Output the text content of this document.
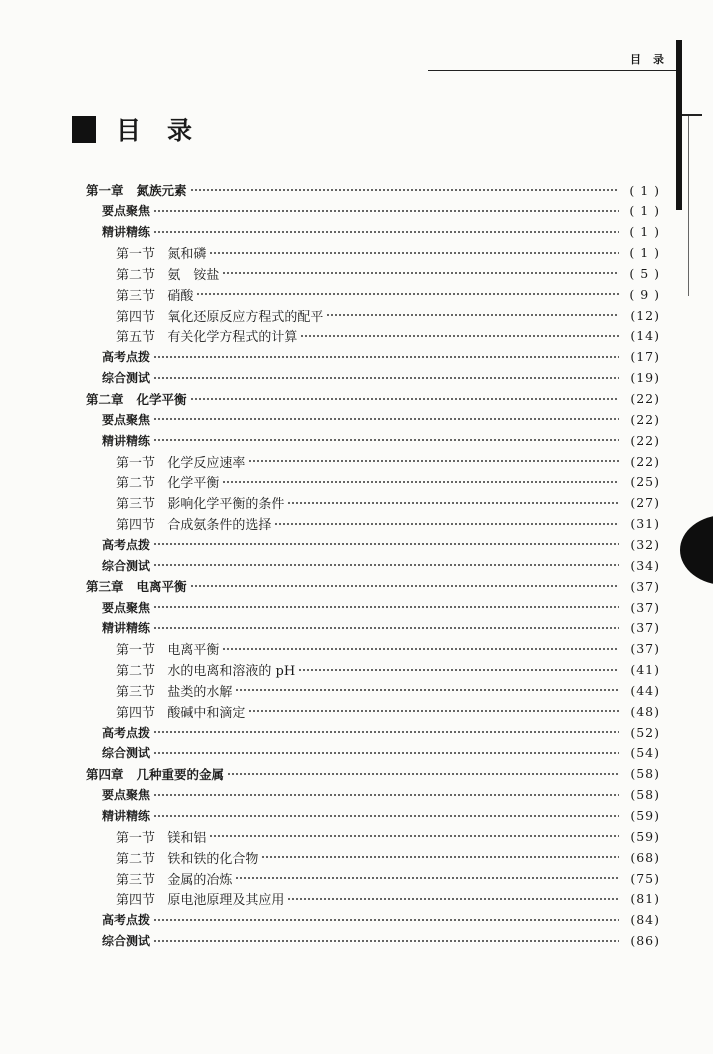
目录
目录
第一章   氮族元素	( 1 )
要点聚焦	( 1 )
精讲精练	( 1 )
第一节   氮和磷	( 1 )
第二节   氨　铵盐	( 5 )
第三节   硝酸	( 9 )
第四节   氧化还原反应方程式的配平	(12)
第五节   有关化学方程式的计算	(14)
高考点拨	(17)
综合测试	(19)
第二章   化学平衡	(22)
要点聚焦	(22)
精讲精练	(22)
第一节   化学反应速率	(22)
第二节   化学平衡	(25)
第三节   影响化学平衡的条件	(27)
第四节   合成氨条件的选择	(31)
高考点拨	(32)
综合测试	(34)
第三章   电离平衡	(37)
要点聚焦	(37)
精讲精练	(37)
第一节   电离平衡	(37)
第二节   水的电离和溶液的 pH	(41)
第三节   盐类的水解	(44)
第四节   酸碱中和滴定	(48)
高考点拨	(52)
综合测试	(54)
第四章   几种重要的金属	(58)
要点聚焦	(58)
精讲精练	(59)
第一节   镁和铝	(59)
第二节   铁和铁的化合物	(68)
第三节   金属的冶炼	(75)
第四节   原电池原理及其应用	(81)
高考点拨	(84)
综合测试	(86)
